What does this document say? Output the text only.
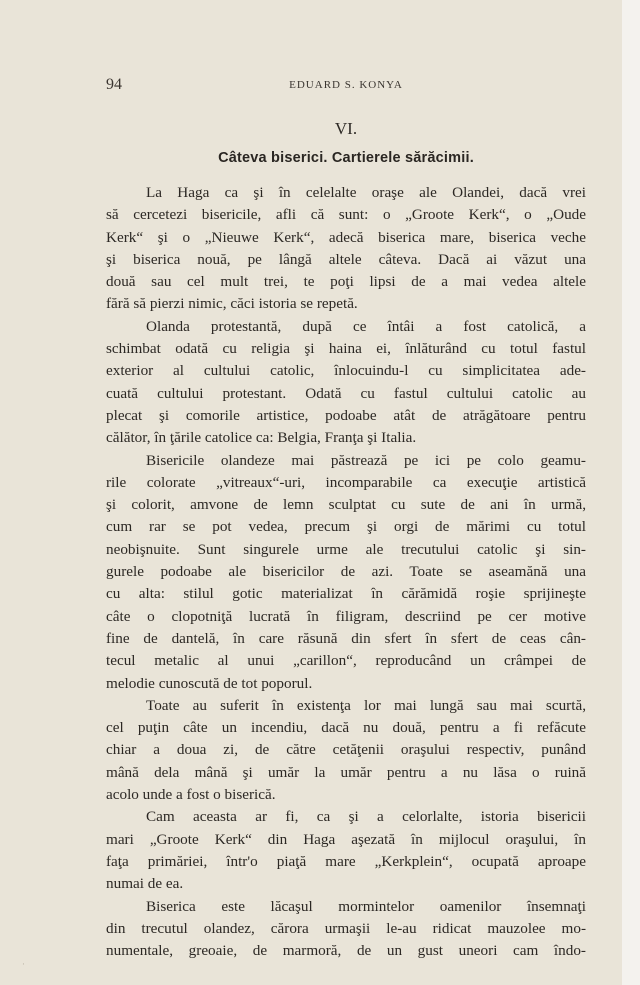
94	EDUARD S. KONYA
VI.
Câteva biserici. Cartierele sărăcimii.
La Haga ca şi în celelalte oraşe ale Olandei, dacă vrei
să cercetezi bisericile, afli că sunt: o „Groote Kerk“, o „Oude
Kerk“ şi o „Nieuwe Kerk“, adecă biserica mare, biserica veche
şi biserica nouă, pe lângă altele câteva. Dacă ai văzut una
două sau cel mult trei, te poţi lipsi de a mai vedea altele
fără să pierzi nimic, căci istoria se repetă.
Olanda protestantă, după ce întâi a fost catolică, a
schimbat odată cu religia şi haina ei, înlăturând cu totul fastul
exterior al cultului catolic, înlocuindu-l cu simplicitatea ade-
cuată cultului protestant. Odată cu fastul cultului catolic au
plecat şi comorile artistice, podoabe atât de atrăgătoare pentru
călător, în ţările catolice ca: Belgia, Franţa şi Italia.
Bisericile olandeze mai păstrează pe ici pe colo geamu-
rile colorate „vitreaux“-uri, incomparabile ca execuţie artistică
şi colorit, amvone de lemn sculptat cu sute de ani în urmă,
cum rar se pot vedea, precum şi orgi de mărimi cu totul
neobişnuite. Sunt singurele urme ale trecutului catolic şi sin-
gurele podoabe ale bisericilor de azi. Toate se aseamănă una
cu alta: stilul gotic materializat în cărămidă roşie sprijineşte
câte o clopotniţă lucrată în filigram, descriind pe cer motive
fine de dantelă, în care răsună din sfert în sfert de ceas cân-
tecul metalic al unui „carillon“, reproducând un crâmpei de
melodie cunoscută de tot poporul.
Toate au suferit în existenţa lor mai lungă sau mai scurtă,
cel puţin câte un incendiu, dacă nu două, pentru a fi refăcute
chiar a doua zi, de către cetăţenii oraşului respectiv, punând
mână dela mână şi umăr la umăr pentru a nu lăsa o ruină
acolo unde a fost o biserică.
Cam aceasta ar fi, ca şi a celorlalte, istoria bisericii
mari „Groote Kerk“ din Haga aşezată în mijlocul oraşului, în
faţa primăriei, într'o piaţă mare „Kerkplein“, ocupată aproape
numai de ea.
Biserica este lăcaşul mormintelor oamenilor însemnaţi
din trecutul olandez, cărora urmaşii le-au ridicat mauzolee mo-
numentale, greoaie, de marmoră, de un gust uneori cam îndo-
·
